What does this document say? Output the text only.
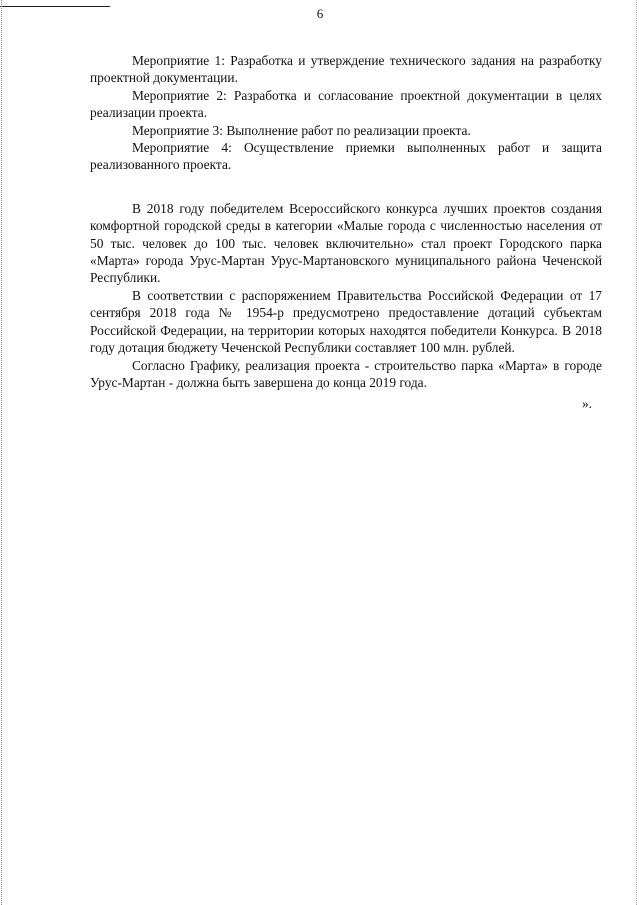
6

Мероприятие 1: Разработка и утверждение технического задания на разработку проектной документации.

Мероприятие 2: Разработка и согласование проектной документации в целях реализации проекта.

Мероприятие 3: Выполнение работ по реализации проекта.

Мероприятие 4: Осуществление приемки выполненных работ и защита реализованного проекта.

В 2018 году победителем Всероссийского конкурса лучших проектов создания комфортной городской среды в категории «Малые города с численностью населения от 50 тыс. человек до 100 тыс. человек включительно» стал проект Городского парка «Марта» города Урус-Мартан Урус-Мартановского муниципального района Чеченской Республики.

В соответствии с распоряжением Правительства Российской Федерации от 17 сентября 2018 года № 1954-р предусмотрено предоставление дотаций субъектам Российской Федерации, на территории которых находятся победители Конкурса. В 2018 году дотация бюджету Чеченской Республики составляет 100 млн. рублей.

Согласно Графику, реализация проекта - строительство парка «Марта» в городе Урус-Мартан - должна быть завершена до конца 2019 года.

».
